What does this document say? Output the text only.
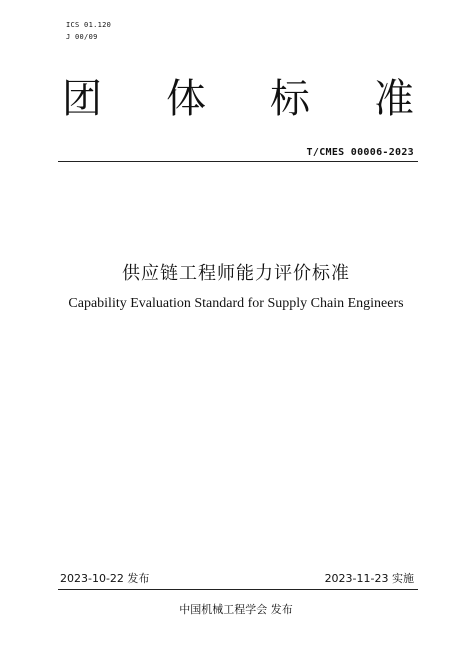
ICS 01.120
J 00/09
团 体 标 准
T/CMES 00006-2023
供应链工程师能力评价标准
Capability Evaluation Standard for Supply Chain Engineers
2023-10-22 发布	2023-11-23 实施
中国机械工程学会 发布
